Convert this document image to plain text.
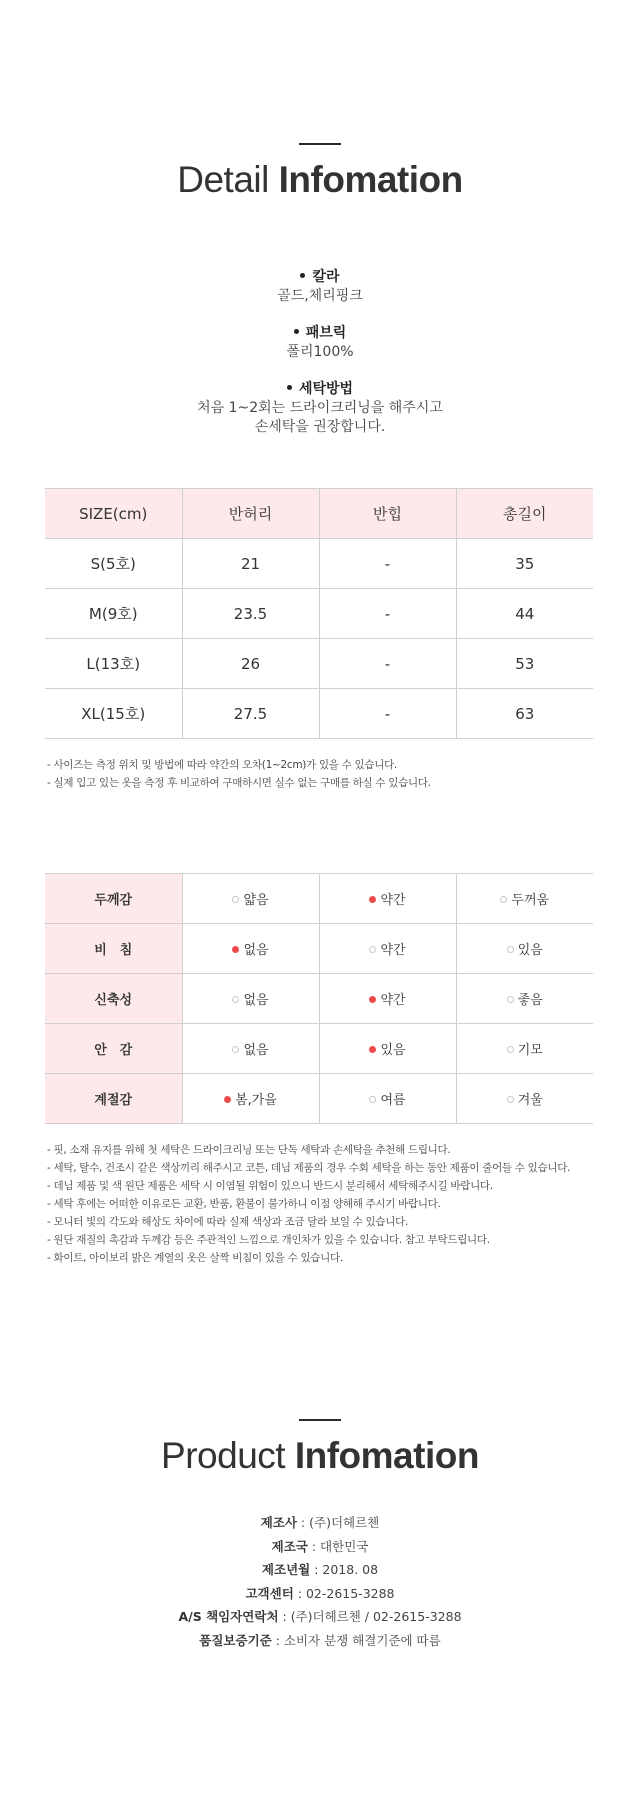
Detail Infomation
칼라
골드,체리핑크
패브릭
폴리100%
세탁방법
처음 1~2회는 드라이크리닝을 해주시고
손세탁을 권장합니다.
SIZE(cm)	반허리	반힙	총길이
S(5호)	21	-	35
M(9호)	23.5	-	44
L(13호)	26	-	53
XL(15호)	27.5	-	63
- 사이즈는 측정 위치 및 방법에 따라 약간의 오차(1~2cm)가 있을 수 있습니다.
- 실제 입고 있는 옷을 측정 후 비교하여 구매하시면 실수 없는 구매를 하실 수 있습니다.
두께감	얇음	약간	두꺼움
비　침	없음	약간	있음
신축성	없음	약간	좋음
안　감	없음	있음	기모
계절감	봄,가을	여름	겨울
- 핏, 소재 유지를 위해 첫 세탁은 드라이크리닝 또는 단독 세탁과 손세탁을 추천해 드립니다.
- 세탁, 탈수, 건조시 같은 색상끼리 해주시고 코튼, 데님 제품의 경우 수회 세탁을 하는 동안 제품이 줄어들 수 있습니다.
- 데님 제품 및 색 원단 제품은 세탁 시 이염될 위험이 있으니 반드시 분리해서 세탁해주시길 바랍니다.
- 세탁 후에는 어떠한 이유로든 교환, 반품, 환불이 불가하니 이점 양해해 주시기 바랍니다.
- 모니터 빛의 각도와 해상도 차이에 따라 실제 색상과 조금 달라 보일 수 있습니다.
- 원단 재질의 촉감과 두께감 등은 주관적인 느낌으로 개인차가 있을 수 있습니다. 참고 부탁드립니다.
- 화이트, 아이보리 밝은 계열의 옷은 살짝 비침이 있을 수 있습니다.
Product Infomation
제조사 : (주)더헤르첸
제조국 : 대한민국
제조년월 : 2018. 08
고객센터 : 02-2615-3288
A/S 책임자연락처 : (주)더헤르첸 / 02-2615-3288
품질보증기준 : 소비자 분쟁 해결기준에 따름
